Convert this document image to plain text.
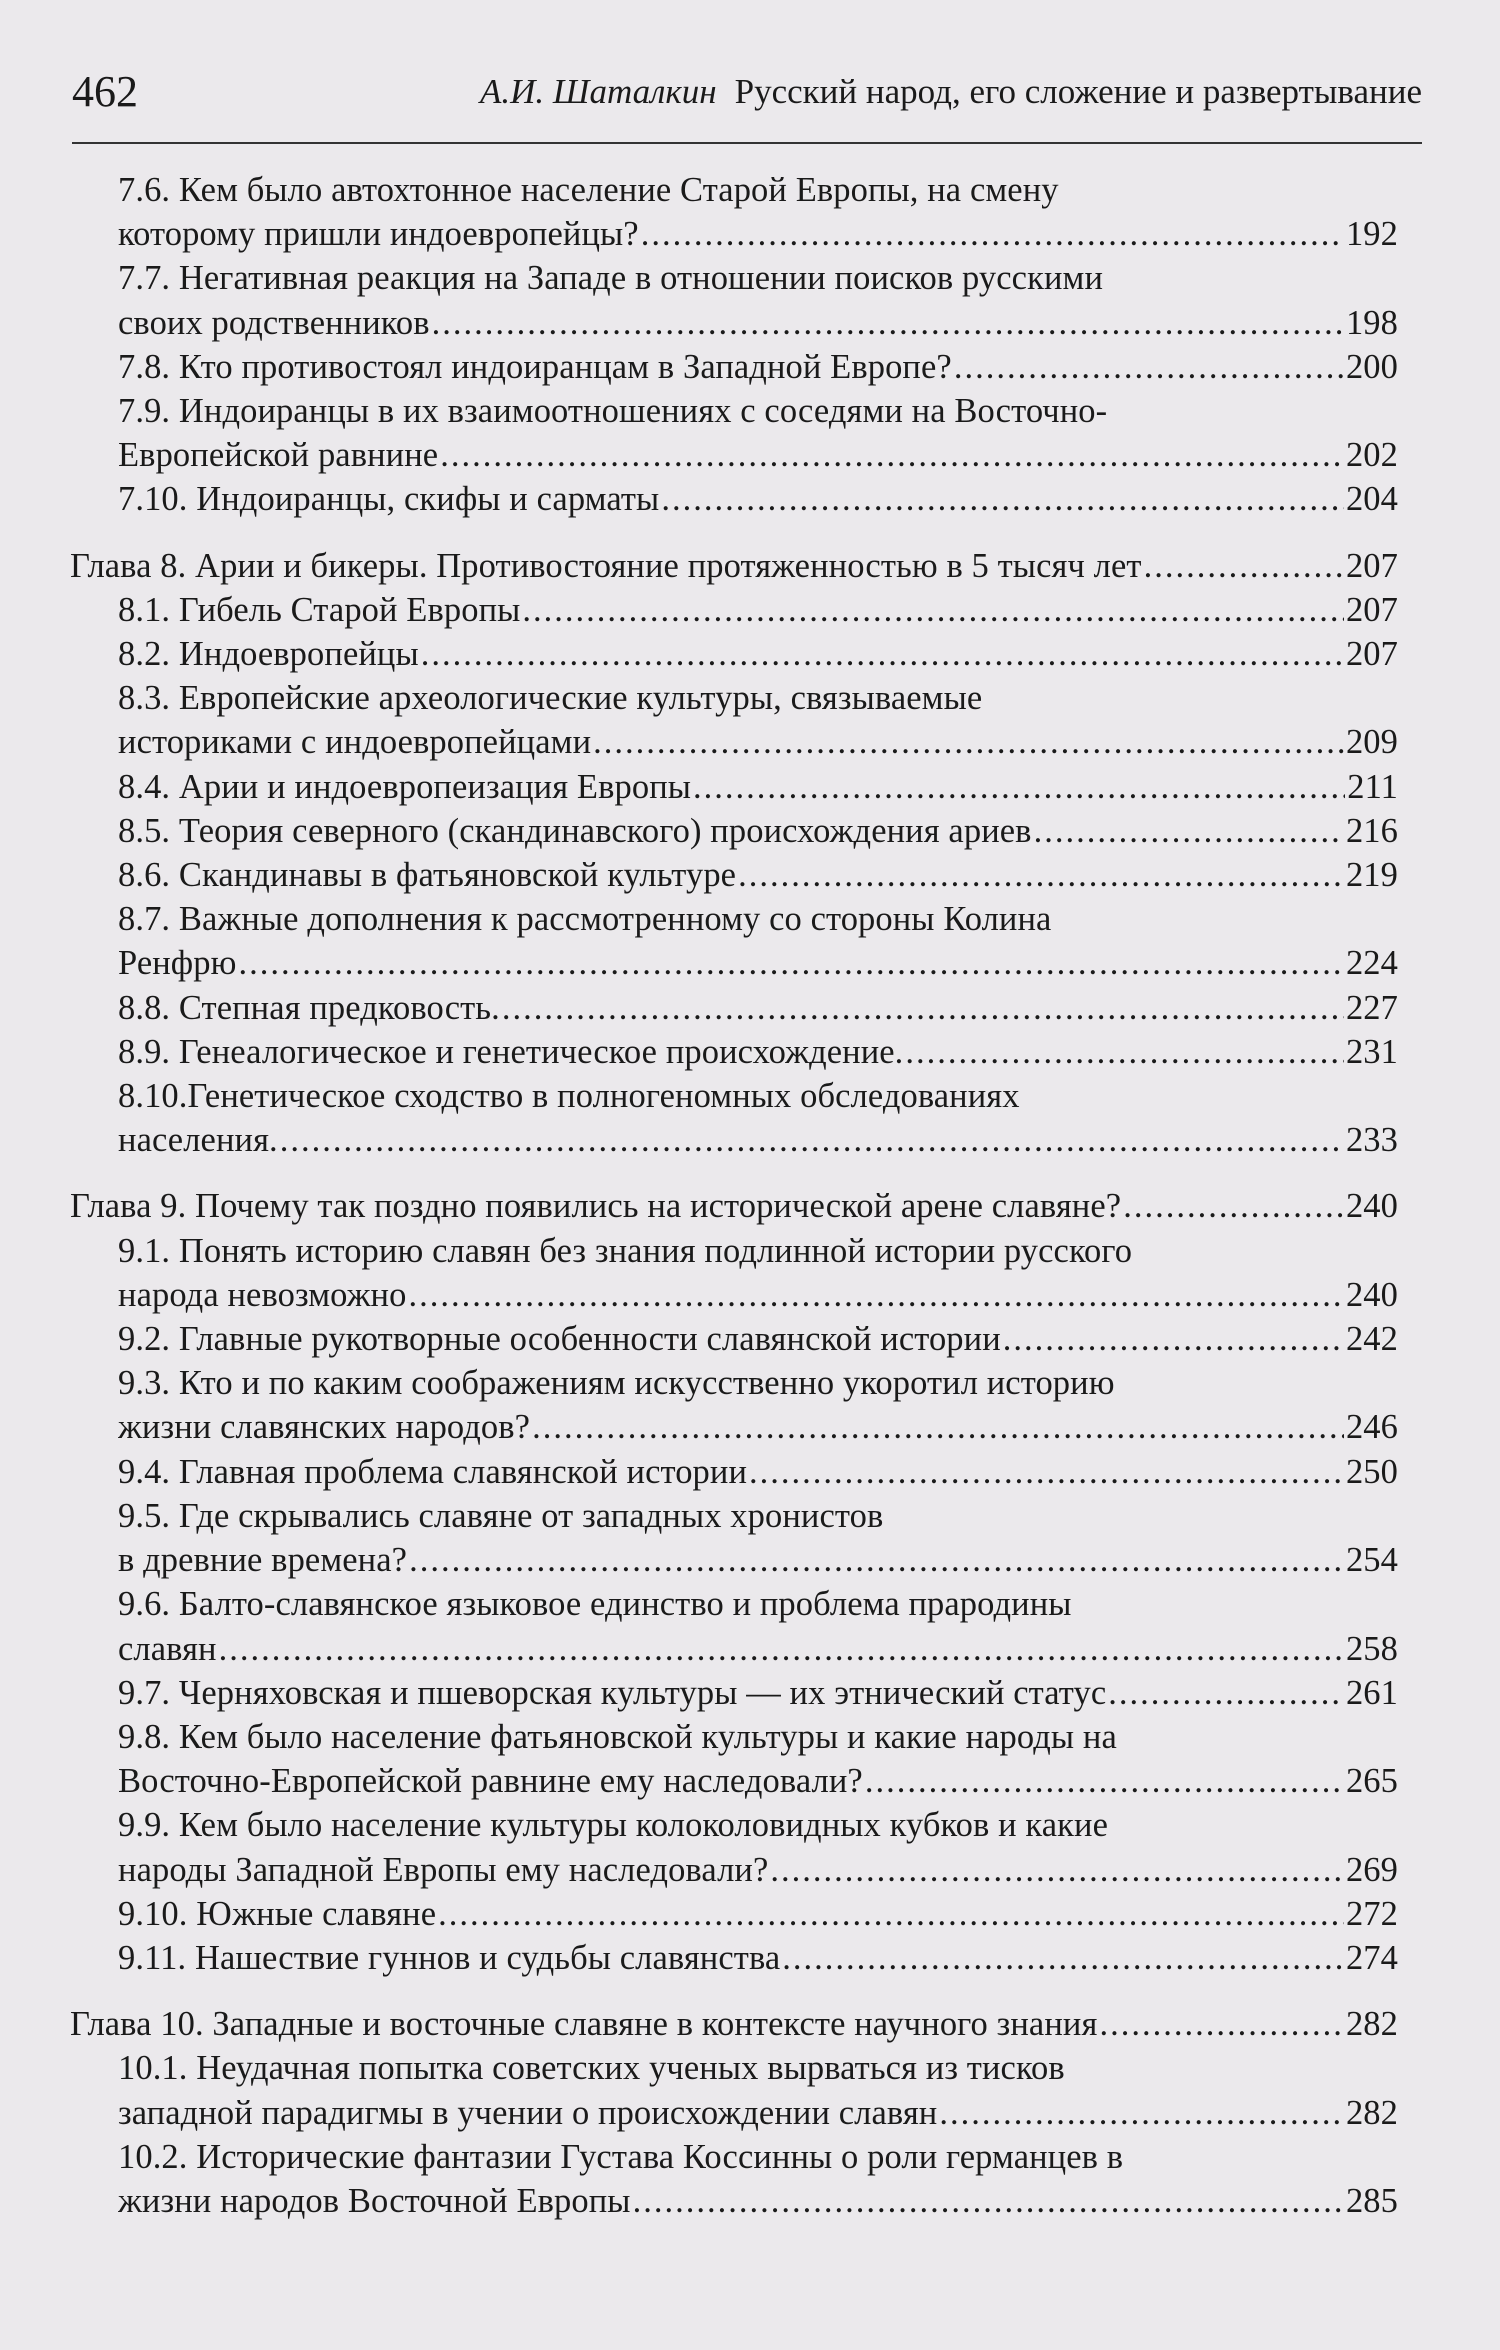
462	А.И. Шаталкин Русский народ, его сложение и развертывание
7.6. Кем было автохтонное население Старой Европы, на смену
которому пришли индоевропейцы? .....	192
7.7. Негативная реакция на Западе в отношении поисков русскими
своих родственников .....	198
7.8. Кто противостоял индоиранцам в Западной Европе? .....	200
7.9. Индоиранцы в их взаимоотношениях с соседями на Восточно-
Европейской равнине .....	202
7.10. Индоиранцы, скифы и сарматы .....	204
Глава 8. Арии и бикеры. Противостояние протяженностью в 5 тысяч лет .....	207
8.1. Гибель Старой Европы .....	207
8.2. Индоевропейцы .....	207
8.3. Европейские археологические культуры, связываемые
историками с индоевропейцами .....	209
8.4. Арии и индоевропеизация Европы .....	211
8.5. Теория северного (скандинавского) происхождения ариев .....	216
8.6. Скандинавы в фатьяновской культуре .....	219
8.7. Важные дополнения к рассмотренному со стороны Колина
Ренфрю .....	224
8.8. Степная предковость. .....	227
8.9. Генеалогическое и генетическое происхождение. .....	231
8.10.Генетическое сходство в полногеномных обследованиях
населения. .....	233
Глава 9. Почему так поздно появились на исторической арене славяне? .....	240
9.1. Понять историю славян без знания подлинной истории русского
народа невозможно .....	240
9.2. Главные рукотворные особенности славянской истории .....	242
9.3. Кто и по каким соображениям искусственно укоротил историю
жизни славянских народов? .....	246
9.4. Главная проблема славянской истории .....	250
9.5. Где скрывались славяне от западных хронистов
в древние времена? .....	254
9.6. Балто-славянское языковое единство и проблема прародины
славян .....	258
9.7. Черняховская и пшеворская культуры — их этнический статус .....	261
9.8. Кем было население фатьяновской культуры и какие народы на
Восточно-Европейской равнине ему наследовали? .....	265
9.9. Кем было население культуры колоколовидных кубков и какие
народы Западной Европы ему наследовали? .....	269
9.10. Южные славяне .....	272
9.11. Нашествие гуннов и судьбы славянства .....	274
Глава 10. Западные и восточные славяне в контексте научного знания .....	282
10.1. Неудачная попытка советских ученых вырваться из тисков
западной парадигмы в учении о происхождении славян .....	282
10.2. Исторические фантазии Густава Коссинны о роли германцев в
жизни народов Восточной Европы .....	285
